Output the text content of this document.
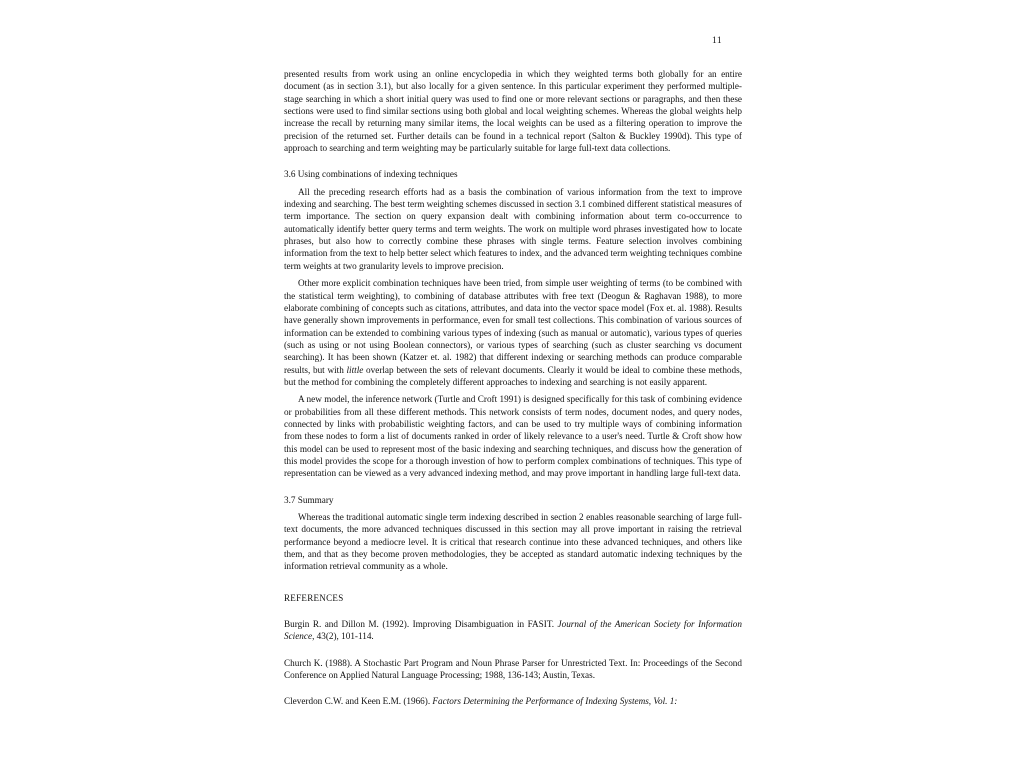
11

presented results from work using an online encyclopedia in which they weighted terms both globally for an entire document (as in section 3.1), but also locally for a given sentence. In this particular experiment they performed multiple-stage searching in which a short initial query was used to find one or more relevant sections or paragraphs, and then these sections were used to find similar sections using both global and local weighting schemes. Whereas the global weights help increase the recall by returning many similar items, the local weights can be used as a filtering operation to improve the precision of the returned set. Further details can be found in a technical report (Salton & Buckley 1990d). This type of approach to searching and term weighting may be particularly suitable for large full-text data collections.

3.6 Using combinations of indexing techniques

All the preceding research efforts had as a basis the combination of various information from the text to improve indexing and searching. The best term weighting schemes discussed in section 3.1 combined different statistical measures of term importance. The section on query expansion dealt with combining information about term co-occurrence to automatically identify better query terms and term weights. The work on multiple word phrases investigated how to locate phrases, but also how to correctly combine these phrases with single terms. Feature selection involves combining information from the text to help better select which features to index, and the advanced term weighting techniques combine term weights at two granularity levels to improve precision.

Other more explicit combination techniques have been tried, from simple user weighting of terms (to be combined with the statistical term weighting), to combining of database attributes with free text (Deogun & Raghavan 1988), to more elaborate combining of concepts such as citations, attributes, and data into the vector space model (Fox et. al. 1988). Results have generally shown improvements in performance, even for small test collections. This combination of various sources of information can be extended to combining various types of indexing (such as manual or automatic), various types of queries (such as using or not using Boolean connectors), or various types of searching (such as cluster searching vs document searching). It has been shown (Katzer et. al. 1982) that different indexing or searching methods can produce comparable results, but with little overlap between the sets of relevant documents. Clearly it would be ideal to combine these methods, but the method for combining the completely different approaches to indexing and searching is not easily apparent.

A new model, the inference network (Turtle and Croft 1991) is designed specifically for this task of combining evidence or probabilities from all these different methods. This network consists of term nodes, document nodes, and query nodes, connected by links with probabilistic weighting factors, and can be used to try multiple ways of combining information from these nodes to form a list of documents ranked in order of likely relevance to a user's need. Turtle & Croft show how this model can be used to represent most of the basic indexing and searching techniques, and discuss how the generation of this model provides the scope for a thorough investion of how to perform complex combinations of techniques. This type of representation can be viewed as a very advanced indexing method, and may prove important in handling large full-text data.

3.7 Summary

Whereas the traditional automatic single term indexing described in section 2 enables reasonable searching of large full-text documents, the more advanced techniques discussed in this section may all prove important in raising the retrieval performance beyond a mediocre level. It is critical that research continue into these advanced techniques, and others like them, and that as they become proven methodologies, they be accepted as standard automatic indexing techniques by the information retrieval community as a whole.

REFERENCES

Burgin R. and Dillon M. (1992). Improving Disambiguation in FASIT. Journal of the American Society for Information Science, 43(2), 101-114.

Church K. (1988). A Stochastic Part Program and Noun Phrase Parser for Unrestricted Text. In: Proceedings of the Second Conference on Applied Natural Language Processing; 1988, 136-143; Austin, Texas.

Cleverdon C.W. and Keen E.M. (1966). Factors Determining the Performance of Indexing Systems, Vol. 1:
